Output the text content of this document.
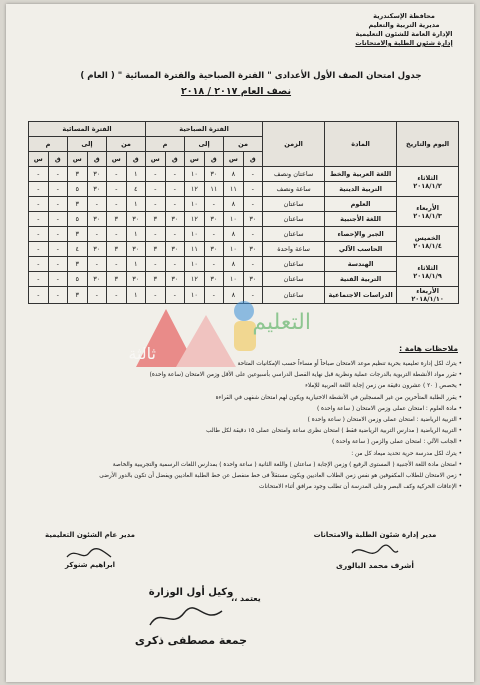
محافظة الإسكندرية
مديرية التربية والتعليم
الإدارة العامة للشئون التعليمية
إدارة شئون الطلبة والامتحانات
جدول امتحان الصف الأول الأعدادى " الفترة الصباحية والفترة المسائية " ( العام )
نصف العام ٢٠١٧ / ٢٠١٨
اليوم والتاريخ	المادة	الزمن	الفترة الصباحية						الفترة المسائية					
			من		إلى		م		من		إلى		م	
			ق	س	ق	س	ق	س	ق	س	ق	س	ق	س

الثلاثاء
٢٠١٨/١/٢	اللغة العربية والخط	ساعتان ونصف	-	٨	٣٠	١٠	-	-	١	-	٣٠	٣	-	-
	التربية الدينية	ساعة ونصف	-	١١	١١	١٢	-	-	٤	-	٣٠	٥	-	-

الأربعاء
٢٠١٨/١/٣	العلوم	ساعتان	-	٨	-	١٠	-	-	١	-	-	٣	-	-
	اللغة الأجنبية	ساعتان	٣٠	١٠	٣٠	١٢	٣٠	٣	٣٠	٣	٣٠	٥	-	-

الخميس
٢٠١٨/١/٤	الجبر والإحصاء	ساعتان	-	٨	-	١٠	-	-	١	-	-	٣	-	-
	الحاسب الآلي	ساعة واحدة	٣٠	١٠	٣٠	١١	٣٠	٣	٣٠	٣	٣٠	٤	-	-

الثلاثاء
٢٠١٨/١/٩	الهندسة	ساعتان	-	٨	-	١٠	-	-	١	-	-	٣	-	-
	التربية الفنية	ساعتان	٣٠	١٠	٣٠	١٢	٣٠	٣	٣٠	٣	٣٠	٥	-	-

الأربعاء
٢٠١٨/١/١٠	الدراسات الاجتماعية	ساعتان	-	٨	-	١٠	-	-	١	-	-	٣	-	-
ثالثة
التعليم
ملاحظات هامة :
• يترك لكل إدارة تعليمية بحرية تنظيم موعد الامتحان صباحاً أو مساءاً حسب الإمكانيات المتاحة
• تقرر مواد الأنشطة التربوية بالدرجات عملية ونظرية قبل نهاية الفصل الدراسي بأسبوعين على الأقل وزمن الامتحان (ساعة واحدة)
• يخصص ( ٢٠ ) عشرون دقيقة من زمن إجابة اللغة العربية للإملاء
• يقرر الطلبة المتأخرين من غير المسجلين في الأنشطة الاختيارية ويكون لهم امتحان شفهى في القراءة
• مادة العلوم : امتحان عملى وزمن الامتحان ( ساعة واحدة )
• التربية الرياضية : امتحان عملى وزمن الامتحان ( ساعة واحدة )
• التربية الرياضية ( مدارس التربية الرياضية فقط ) امتحان نظرى ساعة وامتحان عملى ١٥ دقيقة لكل طالب
• الجانب الآلي : امتحان عملى والزمن ( ساعة واحدة )
• يترك لكل مدرسة حرية تحديد ميعاد كل من :
• امتحان مادة اللغة الأجنبية ( المستوى الرفيع ) وزمن الإجابة ( ساعتان ) واللغة الثانية ( ساعة واحدة ) بمدارس اللغات الرسمية والتجريبية والخاصة
• زمن الامتحان للطلاب المكفوفين هو نفس زمن الطلاب العاديين ويكون مستقلاً فى خط منفصل عن خط الطلبة العاديين ويفضل أن تكون بالدور الأرضى
• الإعاقات الحركية وكف البصر وعلى المدرسة أن تطلب وجود مرافق أثناء الامتحانات
مدير عام الشئون التعليمية
ابراهيم شنوكر
مدير إدارة شئون الطلبة والامتحانات
أشرف محمد البالورى
يعتمد ،،
وكيل أول الوزارة
جمعة مصطفى ذكرى
